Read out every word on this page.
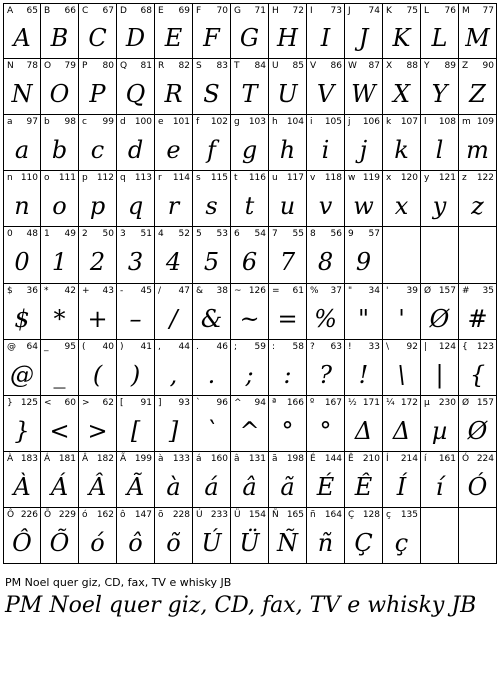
A 65
A
B 66
B
C 67
C
D 68
D
E 69
E
F 70
F
G 71
G
H 72
H
I 73
I
J 74
J
K 75
K
L 76
L
M 77
M
N 78
N
O 79
O
P 80
P
Q 81
Q
R 82
R
S 83
S
T 84
T
U 85
U
V 86
V
W 87
W
X 88
X
Y 89
Y
Z 90
Z
a 97
a
b 98
b
c 99
c
d 100
d
e 101
e
f 102
f
g 103
g
h 104
h
i 105
i
j 106
j
k 107
k
l 108
l
m 109
m
n 110
n
o 111
o
p 112
p
q 113
q
r 114
r
s 115
s
t 116
t
u 117
u
v 118
v
w 119
w
x 120
x
y 121
y
z 122
z
0 48
0
1 49
1
2 50
2
3 51
3
4 52
4
5 53
5
6 54
6
7 55
7
8 56
8
9 57
9
$ 36
$
* 42
*
+ 43
+
- 45
–
/ 47
/
& 38
&
~ 126
~
= 61
=
% 37
%
" 34
"
' 39
'
Ø 157
Ø
# 35
#
@ 64
@
_ 95
_
( 40
(
) 41
)
, 44
,
. 46
.
; 59
;
: 58
:
? 63
?
! 33
!
\ 92
\
| 124
|
{ 123
{
} 125
}
< 60
<
> 62
>
[ 91
[
] 93
]
` 96
`
^ 94
^
ª 166
°
º 167
°
½ 171
Δ
¼ 172
Δ
µ 230
µ
Ø 157
Ø
À 183
À
Á 181
Á
Â 182
Â
Ã 199
Ã
à 133
à
á 160
á
â 131
â
ã 198
ã
É 144
É
Ê 210
Ê
Í 214
Í
í 161
í
Ó 224
Ó
Ô 226
Ô
Õ 229
Õ
ó 162
ó
ô 147
ô
õ 228
õ
Ú 233
Ú
Ü 154
Ü
Ñ 165
Ñ
ñ 164
ñ
Ç 128
Ç
ç 135
ç
PM Noel quer giz, CD, fax, TV e whisky JB
PM Noel quer giz, CD, fax, TV e whisky JB
